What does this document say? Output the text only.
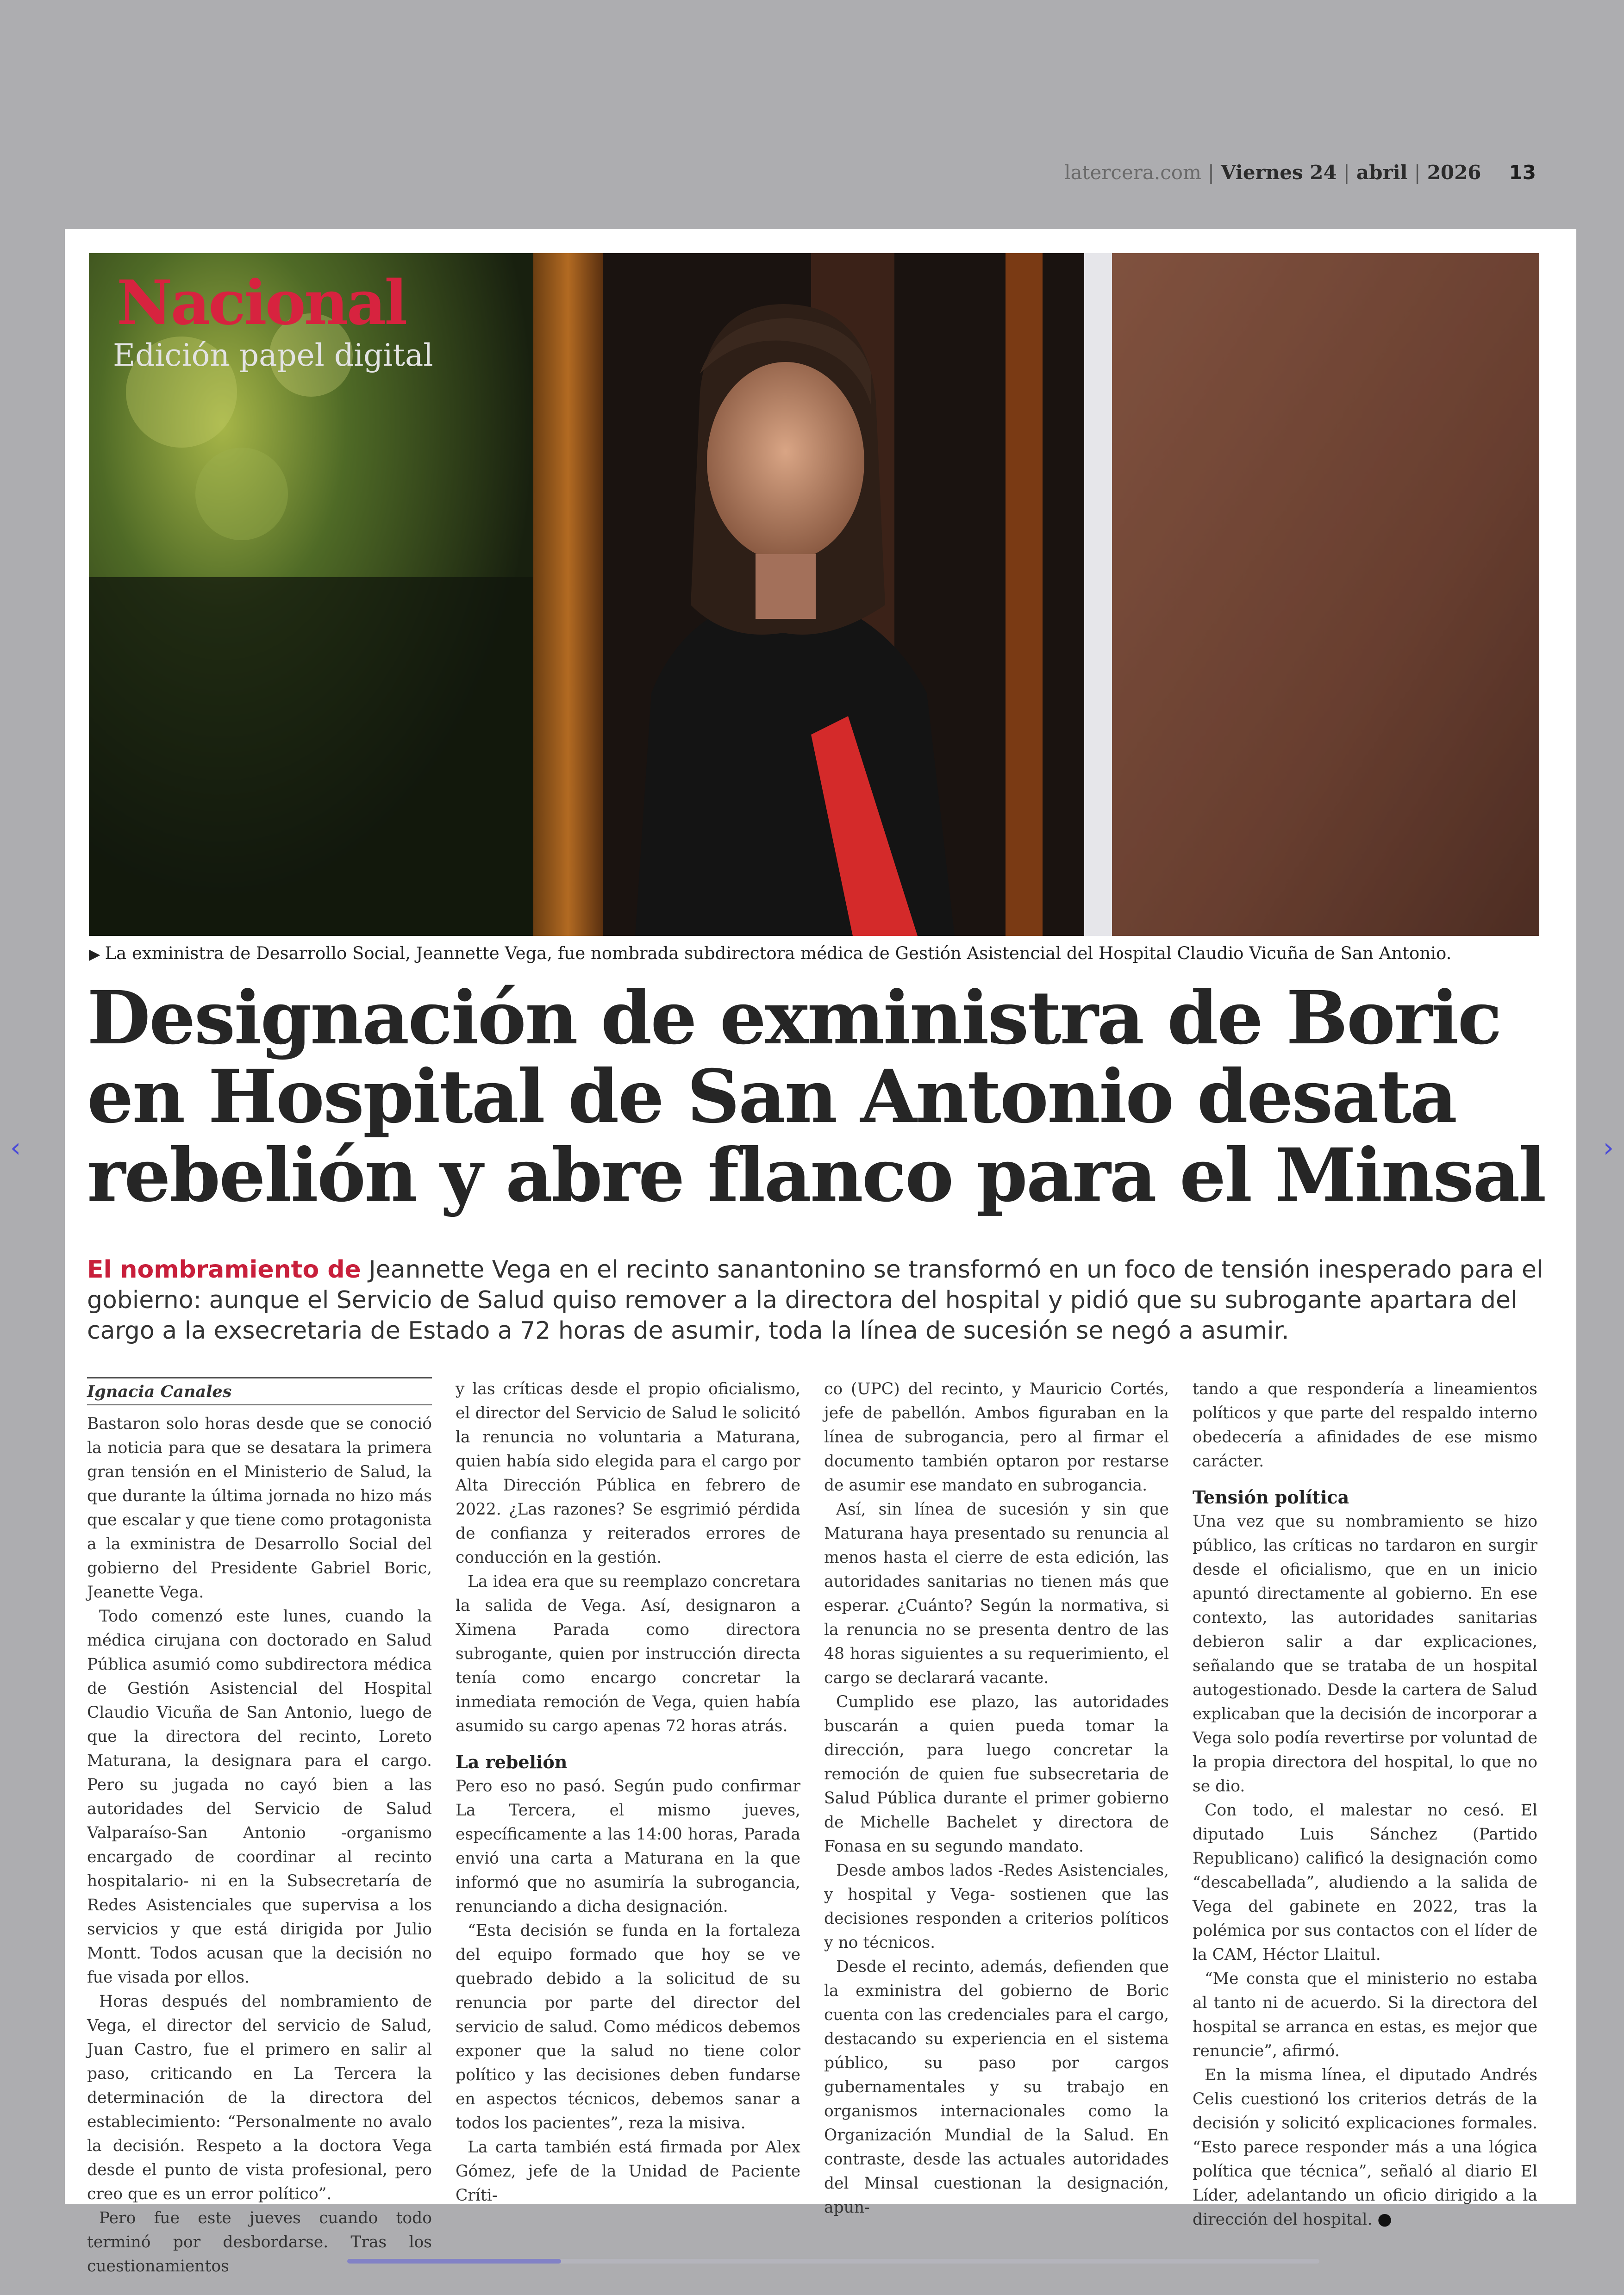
latercera.com | Viernes 24 | abril | 2026 13
Nacional
Edición papel digital
▶ La exministra de Desarrollo Social, Jeannette Vega, fue nombrada subdirectora médica de Gestión Asistencial del Hospital Claudio Vicuña de San Antonio.
Designación de exministra de Boric
en Hospital de San Antonio desata
rebelión y abre flanco para el Minsal
El nombramiento de Jeannette Vega en el recinto sanantonino se transformó en un foco de tensión inesperado para el gobierno: aunque el Servicio de Salud quiso remover a la directora del hospital y pidió que su subrogante apartara del cargo a la exsecretaria de Estado a 72 horas de asumir, toda la línea de sucesión se negó a asumir.
Ignacia Canales

Bastaron solo horas desde que se conoció la noticia para que se desatara la primera gran tensión en el Ministerio de Salud, la que durante la última jornada no hizo más que escalar y que tiene como protagonista a la exministra de Desarrollo Social del gobierno del Presidente Gabriel Boric, Jeanette Vega.

Todo comenzó este lunes, cuando la médica cirujana con doctorado en Salud Pública asumió como subdirectora médica de Gestión Asistencial del Hospital Claudio Vicuña de San Antonio, luego de que la directora del recinto, Loreto Maturana, la designara para el cargo. Pero su jugada no cayó bien a las autoridades del Servicio de Salud Valparaíso-San Antonio -organismo encargado de coordinar al recinto hospitalario- ni en la Subsecretaría de Redes Asistenciales que supervisa a los servicios y que está dirigida por Julio Montt. Todos acusan que la decisión no fue visada por ellos.

Horas después del nombramiento de Vega, el director del servicio de Salud, Juan Castro, fue el primero en salir al paso, criticando en La Tercera la determinación de la directora del establecimiento: “Personalmente no avalo la decisión. Respeto a la doctora Vega desde el punto de vista profesional, pero creo que es un error político”.

Pero fue este jueves cuando todo terminó por desbordarse. Tras los cuestionamientos

y las críticas desde el propio oficialismo, el director del Servicio de Salud le solicitó la renuncia no voluntaria a Maturana, quien había sido elegida para el cargo por Alta Dirección Pública en febrero de 2022. ¿Las razones? Se esgrimió pérdida de confianza y reiterados errores de conducción en la gestión.

La idea era que su reemplazo concretara la salida de Vega. Así, designaron a Ximena Parada como directora subrogante, quien por instrucción directa tenía como encargo concretar la inmediata remoción de Vega, quien había asumido su cargo apenas 72 horas atrás.

La rebelión

Pero eso no pasó. Según pudo confirmar La Tercera, el mismo jueves, específicamente a las 14:00 horas, Parada envió una carta a Maturana en la que informó que no asumiría la subrogancia, renunciando a dicha designación.

“Esta decisión se funda en la fortaleza del equipo formado que hoy se ve quebrado debido a la solicitud de su renuncia por parte del director del servicio de salud. Como médicos debemos exponer que la salud no tiene color político y las decisiones deben fundarse en aspectos técnicos, debemos sanar a todos los pacientes”, reza la misiva.

La carta también está firmada por Alex Gómez, jefe de la Unidad de Paciente Críti-

co (UPC) del recinto, y Mauricio Cortés, jefe de pabellón. Ambos figuraban en la línea de subrogancia, pero al firmar el documento también optaron por restarse de asumir ese mandato en subrogancia.

Así, sin línea de sucesión y sin que Maturana haya presentado su renuncia al menos hasta el cierre de esta edición, las autoridades sanitarias no tienen más que esperar. ¿Cuánto? Según la normativa, si la renuncia no se presenta dentro de las 48 horas siguientes a su requerimiento, el cargo se declarará vacante.

Cumplido ese plazo, las autoridades buscarán a quien pueda tomar la dirección, para luego concretar la remoción de quien fue subsecretaria de Salud Pública durante el primer gobierno de Michelle Bachelet y directora de Fonasa en su segundo mandato.

Desde ambos lados -Redes Asistenciales, y hospital y Vega- sostienen que las decisiones responden a criterios políticos y no técnicos.

Desde el recinto, además, defienden que la exministra del gobierno de Boric cuenta con las credenciales para el cargo, destacando su experiencia en el sistema público, su paso por cargos gubernamentales y su trabajo en organismos internacionales como la Organización Mundial de la Salud. En contraste, desde las actuales autoridades del Minsal cuestionan la designación, apun-

tando a que respondería a lineamientos políticos y que parte del respaldo interno obedecería a afinidades de ese mismo carácter.

Tensión política

Una vez que su nombramiento se hizo público, las críticas no tardaron en surgir desde el oficialismo, que en un inicio apuntó directamente al gobierno. En ese contexto, las autoridades sanitarias debieron salir a dar explicaciones, señalando que se trataba de un hospital autogestionado. Desde la cartera de Salud explicaban que la decisión de incorporar a Vega solo podía revertirse por voluntad de la propia directora del hospital, lo que no se dio.

Con todo, el malestar no cesó. El diputado Luis Sánchez (Partido Republicano) calificó la designación como “descabellada”, aludiendo a la salida de Vega del gabinete en 2022, tras la polémica por sus contactos con el líder de la CAM, Héctor Llaitul.

“Me consta que el ministerio no estaba al tanto ni de acuerdo. Si la directora del hospital se arranca en estas, es mejor que renuncie”, afirmó.

En la misma línea, el diputado Andrés Celis cuestionó los criterios detrás de la decisión y solicitó explicaciones formales. “Esto parece responder más a una lógica política que técnica”, señaló al diario El Líder, adelantando un oficio dirigido a la dirección del hospital. ●

‹	›
